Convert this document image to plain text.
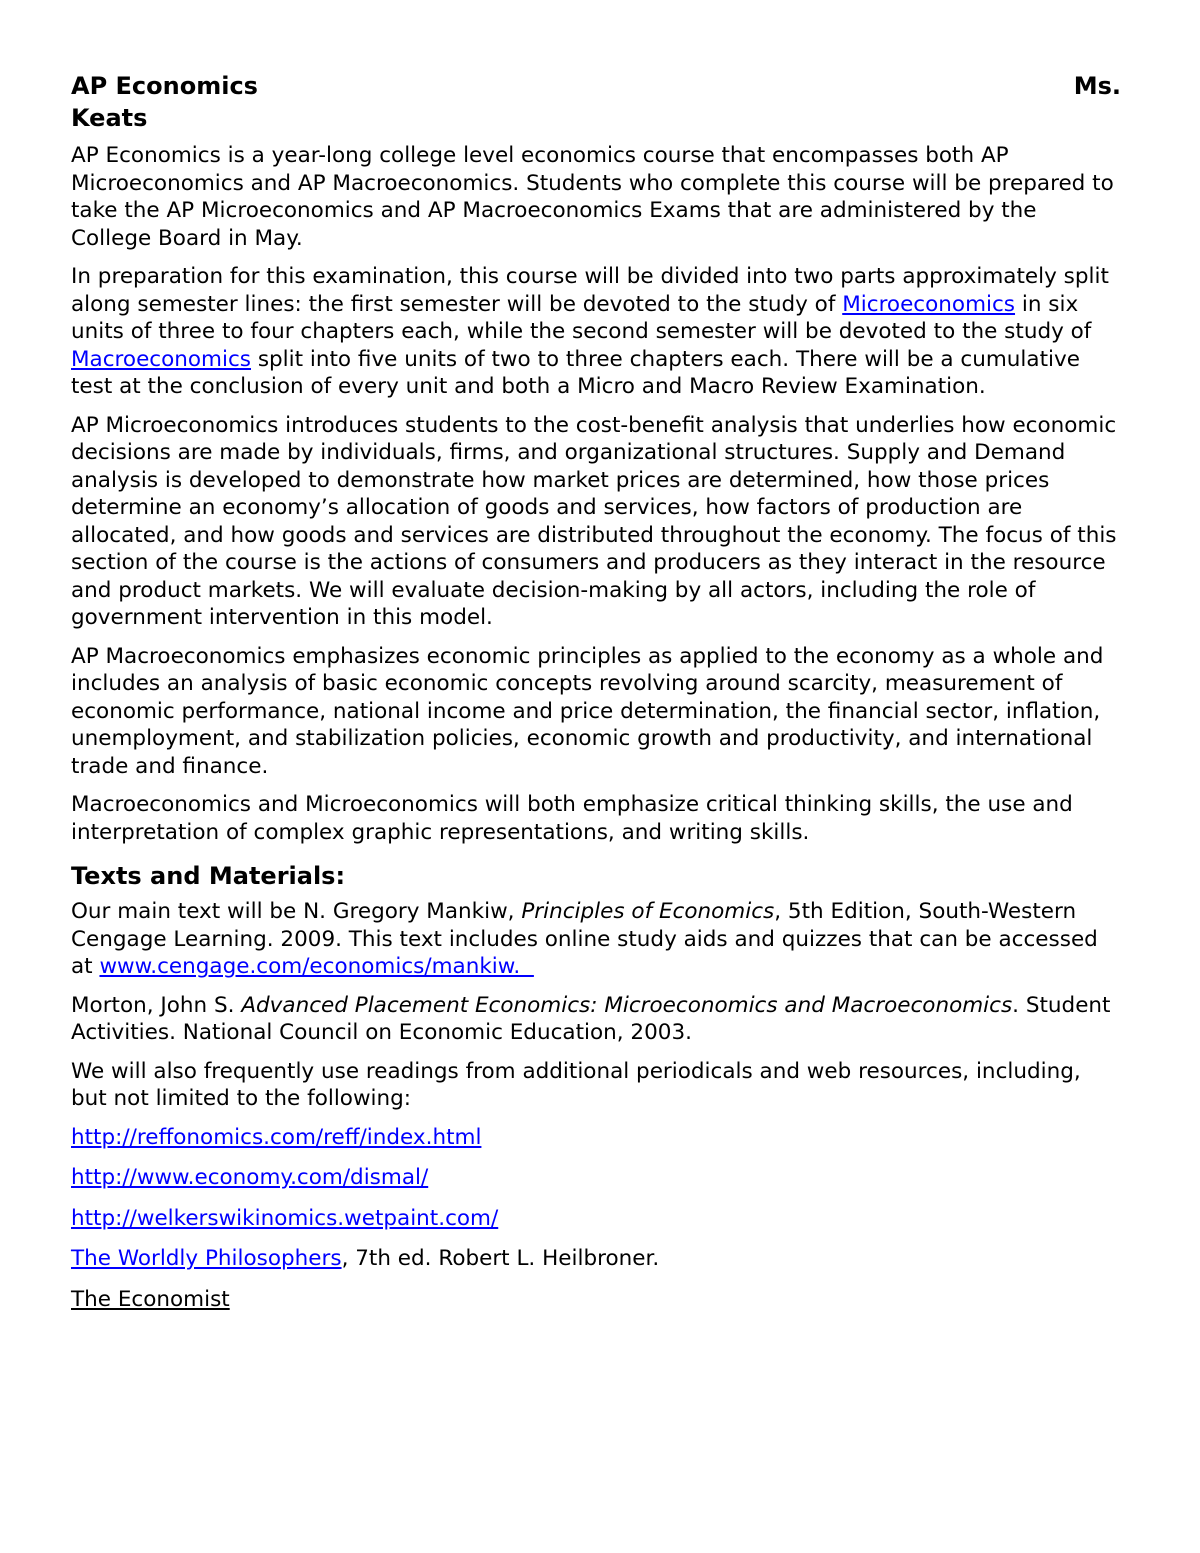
AP Economics	Ms.
Keats

AP Economics is a year-long college level economics course that encompasses both AP Microeconomics and AP Macroeconomics. Students who complete this course will be prepared to take the AP Microeconomics and AP Macroeconomics Exams that are administered by the College Board in May.

In preparation for this examination, this course will be divided into two parts approximately split along semester lines: the first semester will be devoted to the study of Microeconomics in six units of three to four chapters each, while the second semester will be devoted to the study of Macroeconomics split into five units of two to three chapters each. There will be a cumulative test at the conclusion of every unit and both a Micro and Macro Review Examination.

AP Microeconomics introduces students to the cost-benefit analysis that underlies how economic decisions are made by individuals, firms, and organizational structures. Supply and Demand analysis is developed to demonstrate how market prices are determined, how those prices determine an economy’s allocation of goods and services, how factors of production are allocated, and how goods and services are distributed throughout the economy. The focus of this section of the course is the actions of consumers and producers as they interact in the resource and product markets. We will evaluate decision-making by all actors, including the role of government intervention in this model.

AP Macroeconomics emphasizes economic principles as applied to the economy as a whole and includes an analysis of basic economic concepts revolving around scarcity, measurement of economic performance, national income and price determination, the financial sector, inflation, unemployment, and stabilization policies, economic growth and productivity, and international trade and finance.

Macroeconomics and Microeconomics will both emphasize critical thinking skills, the use and interpretation of complex graphic representations, and writing skills.

Texts and Materials:

Our main text will be N. Gregory Mankiw, Principles of Economics, 5th Edition, South-Western Cengage Learning. 2009. This text includes online study aids and quizzes that can be accessed at www.cengage.com/economics/mankiw.

Morton, John S. Advanced Placement Economics: Microeconomics and Macroeconomics. Student Activities. National Council on Economic Education, 2003.

We will also frequently use readings from additional periodicals and web resources, including, but not limited to the following:

http://reffonomics.com/reff/index.html

http://www.economy.com/dismal/

http://welkerswikinomics.wetpaint.com/

The Worldly Philosophers, 7th ed. Robert L. Heilbroner.

The Economist
